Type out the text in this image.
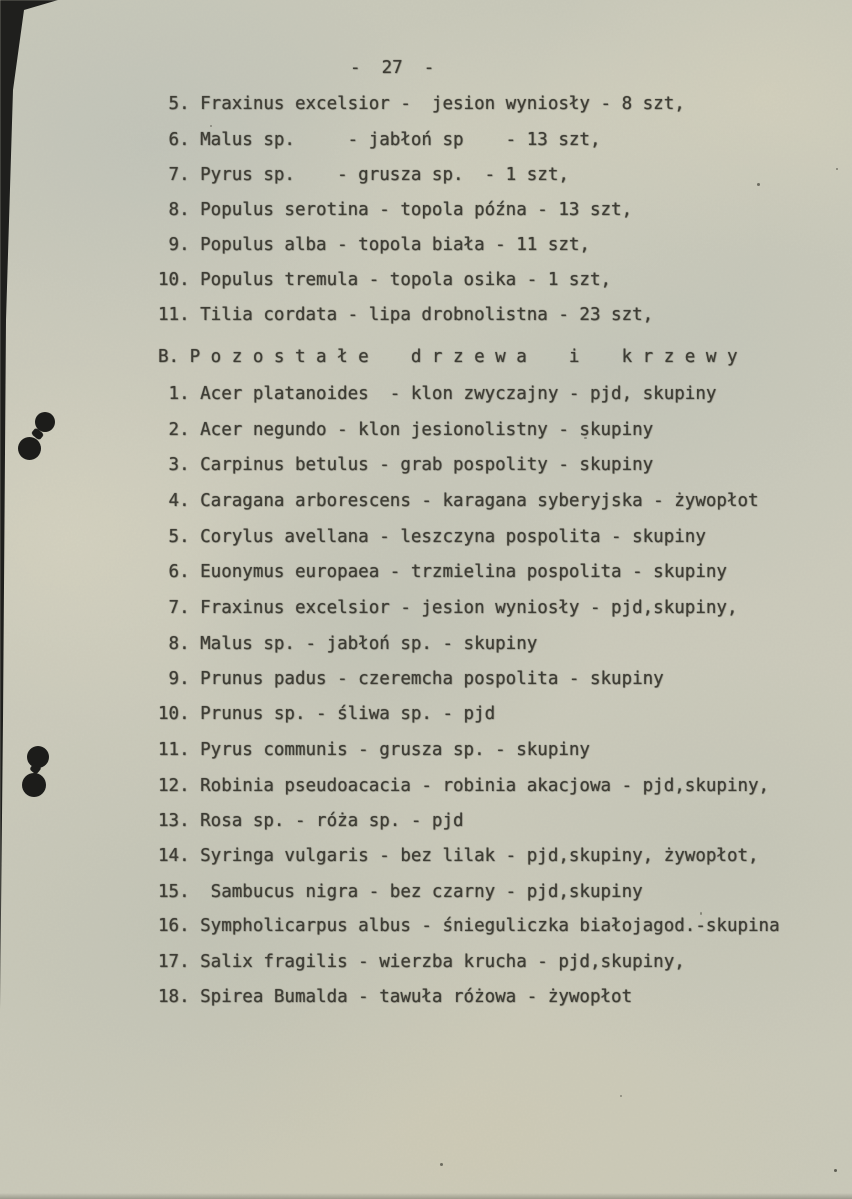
-  27  -
5. Fraxinus excelsior -  jesion wyniosły - 8 szt,
6. Malus sp.     - jabłoń sp    - 13 szt,
7. Pyrus sp.    - grusza sp.  - 1 szt,
8. Populus serotina - topola późna - 13 szt,
9. Populus alba - topola biała - 11 szt,
10. Populus tremula - topola osika - 1 szt,
11. Tilia cordata - lipa drobnolistna - 23 szt,
B. P o z o s t a ł e    d r z e w a    i    k r z e w y
1. Acer platanoides  - klon zwyczajny - pjd, skupiny
2. Acer negundo - klon jesionolistny - skupiny
3. Carpinus betulus - grab pospolity - skupiny
4. Caragana arborescens - karagana syberyjska - żywopłot
5. Corylus avellana - leszczyna pospolita - skupiny
6. Euonymus europaea - trzmielina pospolita - skupiny
7. Fraxinus excelsior - jesion wyniosły - pjd,skupiny,
8. Malus sp. - jabłoń sp. - skupiny
9. Prunus padus - czeremcha pospolita - skupiny
10. Prunus sp. - śliwa sp. - pjd
11. Pyrus communis - grusza sp. - skupiny
12. Robinia pseudoacacia - robinia akacjowa - pjd,skupiny,
13. Rosa sp. - róża sp. - pjd
14. Syringa vulgaris - bez lilak - pjd,skupiny, żywopłot,
15.  Sambucus nigra - bez czarny - pjd,skupiny
16. Sympholicarpus albus - śnieguliczka białojagod.-skupina
17. Salix fragilis - wierzba krucha - pjd,skupiny,
18. Spirea Bumalda - tawuła różowa - żywopłot
